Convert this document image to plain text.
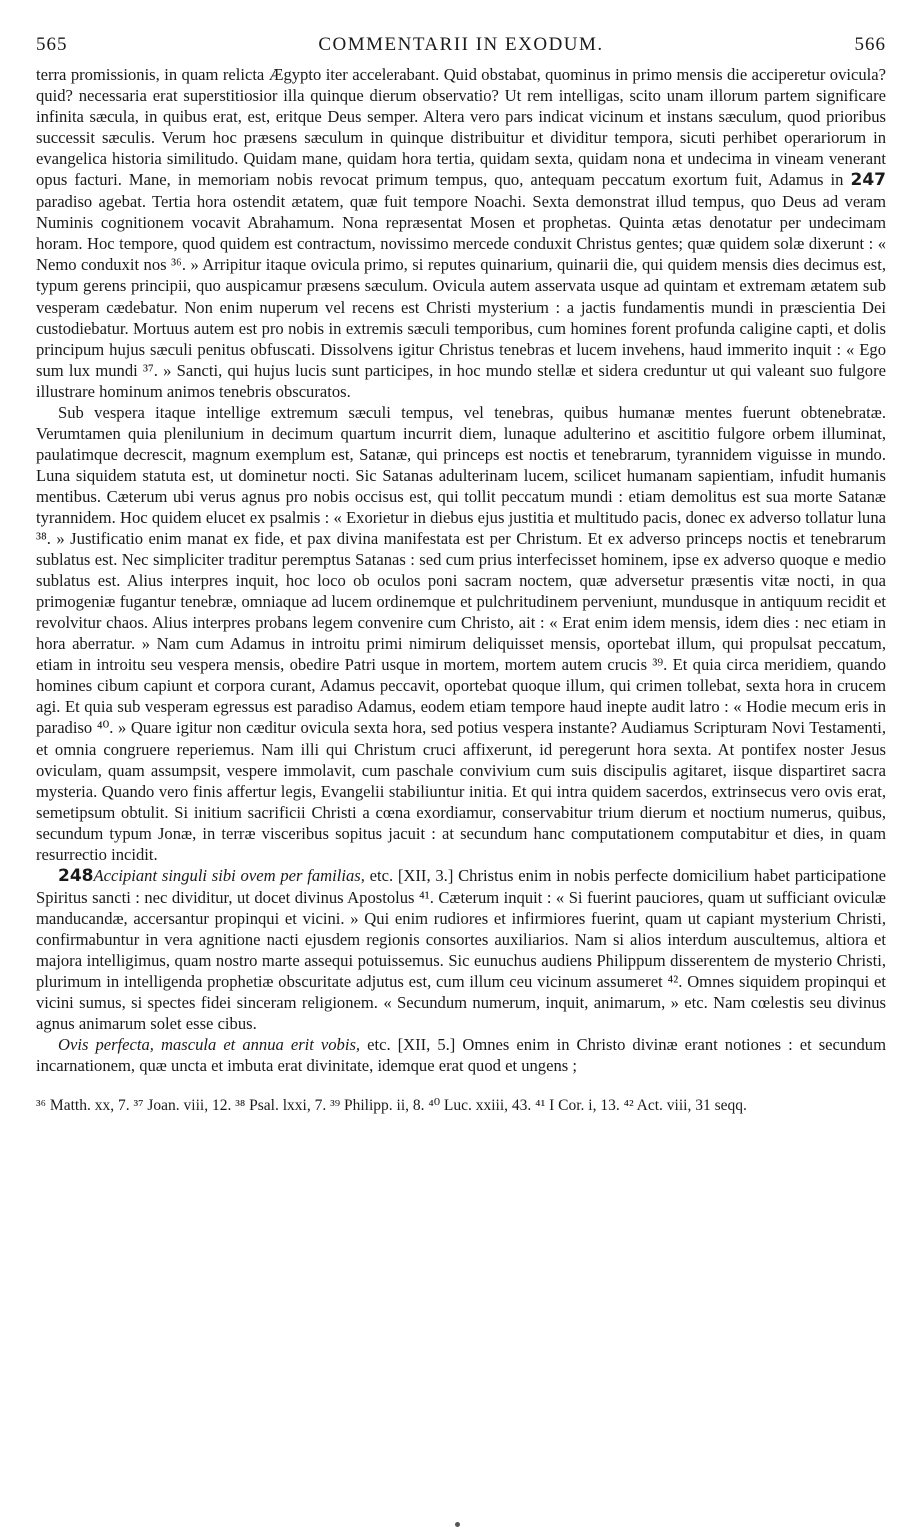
565	COMMENTARII IN EXODUM.	566

terra promissionis, in quam relicta Ægypto iter accelerabant. Quid obstabat, quominus in primo mensis die acciperetur ovicula? quid? necessaria erat superstitiosior illa quinque dierum observatio? Ut rem intelligas, scito unam illorum partem significare infinita sæcula, in quibus erat, est, eritque Deus semper. Altera vero pars indicat vicinum et instans sæculum, quod prioribus successit sæculis. Verum hoc præsens sæculum in quinque distribuitur et dividitur tempora, sicuti perhibet operariorum in evangelica historia similitudo. Quidam mane, quidam hora tertia, quidam sexta, quidam nona et undecima in vineam venerant opus facturi. Mane, in memoriam nobis revocat primum tempus, quo, antequam peccatum exortum fuit, Adamus in 247 paradiso agebat. Tertia hora ostendit ætatem, quæ fuit tempore Noachi. Sexta demonstrat illud tempus, quo Deus ad veram Numinis cognitionem vocavit Abrahamum. Nona repræsentat Mosen et prophetas. Quinta ætas denotatur per undecimam horam. Hoc tempore, quod quidem est contractum, novissimo mercede conduxit Christus gentes; quæ quidem solæ dixerunt : « Nemo conduxit nos ³⁶. » Arripitur itaque ovicula primo, si reputes quinarium, quinarii die, qui quidem mensis dies decimus est, typum gerens principii, quo auspicamur præsens sæculum. Ovicula autem asservata usque ad quintam et extremam ætatem sub vesperam cædebatur. Non enim nuperum vel recens est Christi mysterium : a jactis fundamentis mundi in præscientia Dei custodiebatur. Mortuus autem est pro nobis in extremis sæculi temporibus, cum homines forent profunda caligine capti, et dolis principum hujus sæculi penitus obfuscati. Dissolvens igitur Christus tenebras et lucem invehens, haud immerito inquit : « Ego sum lux mundi ³⁷. » Sancti, qui hujus lucis sunt participes, in hoc mundo stellæ et sidera creduntur ut qui valeant suo fulgore illustrare hominum animos tenebris obscuratos.

Sub vespera itaque intellige extremum sæculi tempus, vel tenebras, quibus humanæ mentes fuerunt obtenebratæ. Verumtamen quia plenilunium in decimum quartum incurrit diem, lunaque adulterino et ascititio fulgore orbem illuminat, paulatimque decrescit, magnum exemplum est, Satanæ, qui princeps est noctis et tenebrarum, tyrannidem viguisse in mundo. Luna siquidem statuta est, ut dominetur nocti. Sic Satanas adulterinam lucem, scilicet humanam sapientiam, infudit humanis mentibus. Cæterum ubi verus agnus pro nobis occisus est, qui tollit peccatum mundi : etiam demolitus est sua morte Satanæ tyrannidem. Hoc quidem elucet ex psalmis : « Exorietur in diebus ejus justitia et multitudo pacis, donec ex adverso tollatur luna ³⁸. » Justificatio enim manat ex fide, et pax divina manifestata est per Christum. Et ex adverso princeps noctis et tenebrarum sublatus est. Nec simpliciter traditur peremptus Satanas : sed cum prius interfecisset hominem, ipse ex adverso quoque e medio sublatus est. Alius interpres inquit, hoc loco ob oculos poni sacram noctem, quæ adversetur præsentis vitæ nocti, in qua primogeniæ fugantur tenebræ, omniaque ad lucem ordinemque et pulchritudinem perveniunt, mundusque in antiquum recidit et revolvitur chaos. Alius interpres probans legem convenire cum Christo, ait : « Erat enim idem mensis, idem dies : nec etiam in hora aberratur. » Nam cum Adamus in introitu primi nimirum deliquisset mensis, oportebat illum, qui propulsat peccatum, etiam in introitu seu vespera mensis, obedire Patri usque in mortem, mortem autem crucis ³⁹. Et quia circa meridiem, quando homines cibum capiunt et corpora curant, Adamus peccavit, oportebat quoque illum, qui crimen tollebat, sexta hora in crucem agi. Et quia sub vesperam egressus est paradiso Adamus, eodem etiam tempore haud inepte audit latro : « Hodie mecum eris in paradiso ⁴⁰. » Quare igitur non cæditur ovicula sexta hora, sed potius vespera instante? Audiamus Scripturam Novi Testamenti, et omnia congruere reperiemus. Nam illi qui Christum cruci affixerunt, id peregerunt hora sexta. At pontifex noster Jesus oviculam, quam assumpsit, vespere immolavit, cum paschale convivium cum suis discipulis agitaret, iisque dispartiret sacra mysteria. Quando vero finis affertur legis, Evangelii stabiliuntur initia. Et qui intra quidem sacerdos, extrinsecus vero ovis erat, semetipsum obtulit. Si initium sacrificii Christi a cœna exordiamur, conservabitur trium dierum et noctium numerus, quibus, secundum typum Jonæ, in terræ visceribus sopitus jacuit : at secundum hanc computationem computabitur et dies, in quam resurrectio incidit.

248Accipiant singuli sibi ovem per familias, etc. [XII, 3.] Christus enim in nobis perfecte domicilium habet participatione Spiritus sancti : nec dividitur, ut docet divinus Apostolus ⁴¹. Cæterum inquit : « Si fuerint pauciores, quam ut sufficiant oviculæ manducandæ, accersantur propinqui et vicini. » Qui enim rudiores et infirmiores fuerint, quam ut capiant mysterium Christi, confirmabuntur in vera agnitione nacti ejusdem regionis consortes auxiliarios. Nam si alios interdum auscultemus, altiora et majora intelligimus, quam nostro marte assequi potuissemus. Sic eunuchus audiens Philippum disserentem de mysterio Christi, plurimum in intelligenda prophetiæ obscuritate adjutus est, cum illum ceu vicinum assumeret ⁴². Omnes siquidem propinqui et vicini sumus, si spectes fidei sinceram religionem. « Secundum numerum, inquit, animarum, » etc. Nam cœlestis seu divinus agnus animarum solet esse cibus.

Ovis perfecta, mascula et annua erit vobis, etc. [XII, 5.] Omnes enim in Christo divinæ erant notiones : et secundum incarnationem, quæ uncta et imbuta erat divinitate, idemque erat quod et ungens ;

³⁶ Matth. xx, 7. ³⁷ Joan. viii, 12. ³⁸ Psal. lxxi, 7. ³⁹ Philipp. ii, 8. ⁴⁰ Luc. xxiii, 43. ⁴¹ I Cor. i, 13. ⁴² Act. viii, 31 seqq.
